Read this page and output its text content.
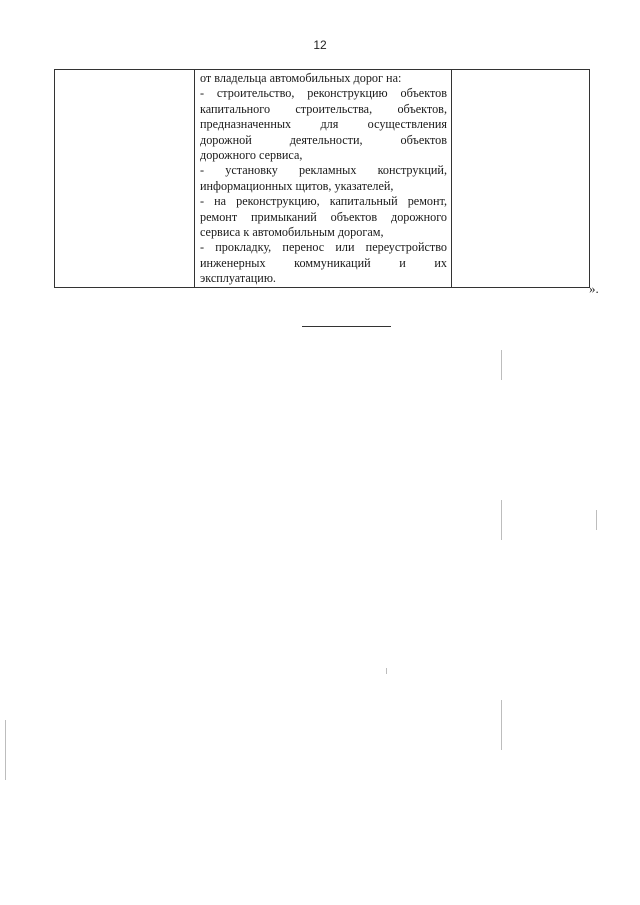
12

от владельца автомобильных дорог на:

- строительство, реконструкцию объектов

капитального строительства, объектов,

предназначенных для осуществления

дорожной деятельности, объектов

дорожного сервиса,

- установку рекламных конструкций,

информационных щитов, указателей,

- на реконструкцию, капитальный ремонт,

ремонт примыканий объектов дорожного

сервиса к автомобильным дорогам,

- прокладку, перенос или переустройство

инженерных коммуникаций и их

эксплуатацию.

».
